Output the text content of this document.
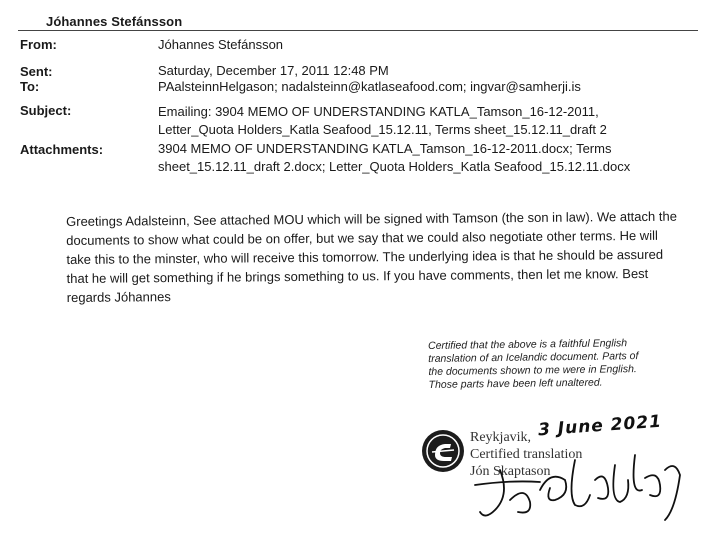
Jóhannes Stefánsson
From:	Jóhannes Stefánsson
Sent:	Saturday, December 17, 2011 12:48 PM
To:	PAalsteinnHelgason; nadalsteinn@katlaseafood.com; ingvar@samherji.is
Subject:	Emailing: 3904 MEMO OF UNDERSTANDING KATLA_Tamson_16-12-2011,
Letter_Quota Holders_Katla Seafood_15.12.11, Terms sheet_15.12.11_draft 2
Attachments:	3904 MEMO OF UNDERSTANDING KATLA_Tamson_16-12-2011.docx; Terms
sheet_15.12.11_draft 2.docx; Letter_Quota Holders_Katla Seafood_15.12.11.docx
Greetings Adalsteinn, See attached MOU which will be signed with Tamson (the son in law). We attach the
documents to show what could be on offer, but we say that we could also negotiate other terms. He will
take this to the minster, who will receive this tomorrow. The underlying idea is that he should be assured
that he will get something if he brings something to us. If you have comments, then let me know. Best
regards Jóhannes
Certified that the above is a faithful English
translation of an Icelandic document. Parts of
the documents shown to me were in English.
Those parts have been left unaltered.
Reykjavik, 3 June 2021
Certified translation
Jón Skaptason
